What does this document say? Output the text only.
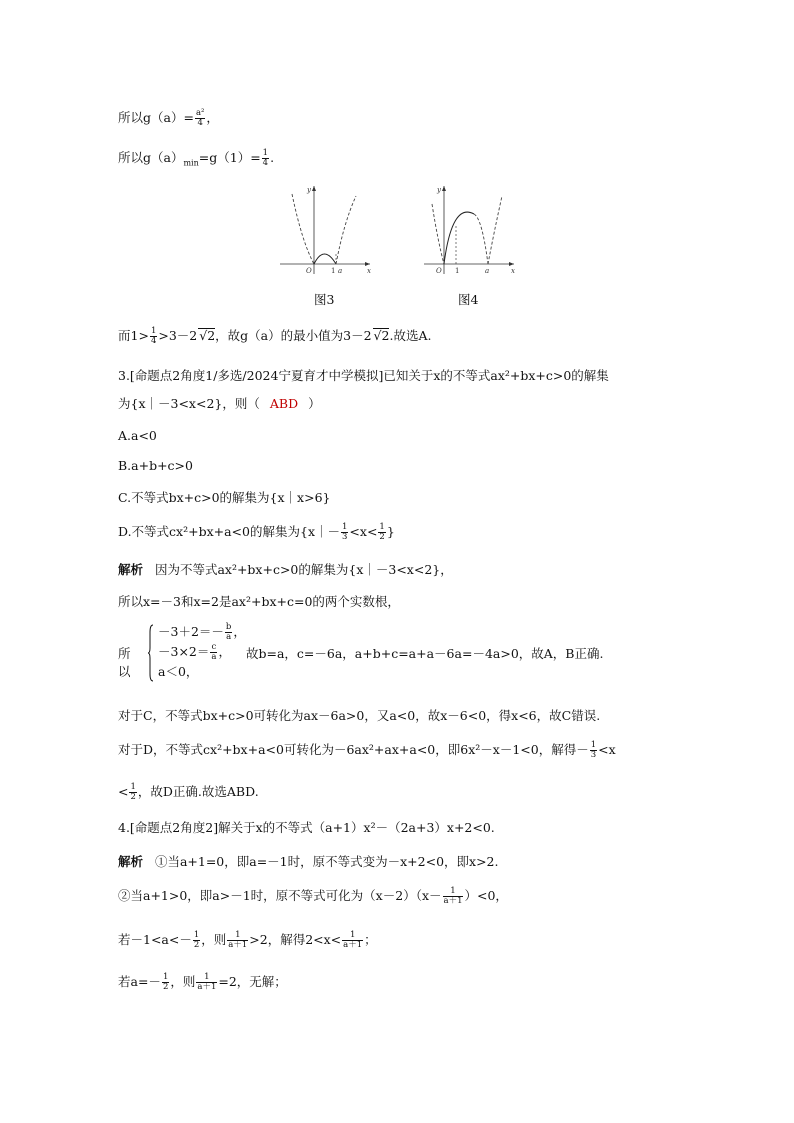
所以$g(a)= \frac{\text{a²}}{4}$ ，
所以$g(a)_{min}=g(1)= \frac{1}{4}$ .
y
x
O	1 a
图3
y
x
O 1	a
图4
而$1> \frac{1}{4} >3-2$ √2，故g（a）的最小值为3－2 √2.故选A.
3.[命题点2角度1/多选/2024宁夏育才中学模拟]已知关于x的不等式ax²+bx+c>0的解集
为{x｜－3<x<2}，则（ ABD ）
A.a<0
B.a+b+c>0
C.不等式bx+c>0的解集为{x｜x>6}
D.不等式cx²+bx+a<0的解集为{x｜－ $\frac{1}{3} <x< \frac{1}{2}$ }
解析 因为不等式ax²+bx+c>0的解集为{x｜－3<x<2}，
所以x=－3和x=2是ax²+bx+c=0的两个实数根，
所以
$-3+2=- \frac{b}{a}$ ，
$-3\times 2= \frac{c}{a}$ ，
a＜0，
故b=a，c=－6a，a+b+c=a+a－6a=－4a>0，故A，B正确.
对于C，不等式bx+c>0可转化为ax－6a>0，又a<0，故x－6<0，得x<6，故C错误.
对于D，不等式cx²+bx+a<0可转化为－6ax²+ax+a<0，即6x²－x－1<0，解得－ $\frac{1}{3} <x$
< $\frac{1}{2}$ ，故D正确.故选ABD.
4.[命题点2角度2]解关于x的不等式（a+1）x²－（2a+3）x+2<0.
解析 ①当a+1=0，即a=－1时，原不等式变为－x+2<0，即x>2.
②当a+1>0，即a>－1时，原不等式可化为$(x-2)(x- \frac{1}{a+1} )<0$，
若$-1<a<- \frac{1}{2}$ ，则 $\frac{1}{a+1} >2$，解得$2<x< \frac{1}{a+1}$ ；
若$a=- \frac{1}{2}$ ，则 $\frac{1}{a+1} =2$，无解；
